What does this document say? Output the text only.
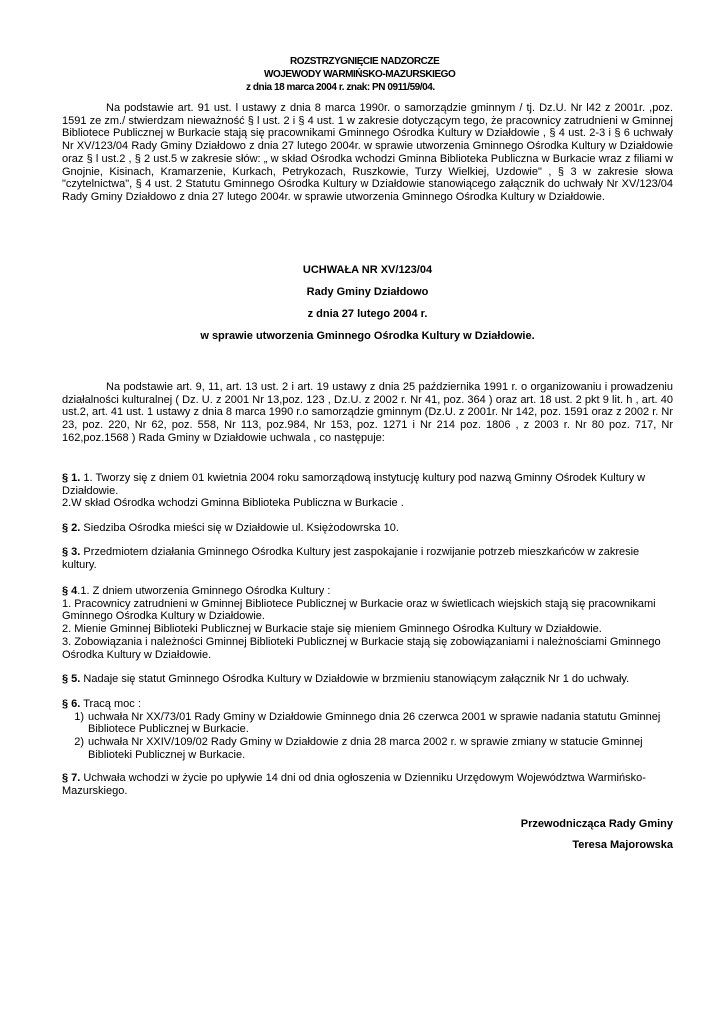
ROZSTRZYGNIĘCIE NADZORCZE
WOJEWODY WARMIŃSKO-MAZURSKIEGO
z dnia 18 marca 2004 r. znak: PN 0911/59/04.

Na podstawie art. 91 ust. l ustawy z dnia 8 marca 1990r. o samorządzie gminnym / tj. Dz.U. Nr l42 z 2001r. ,poz. 1591 ze zm./ stwierdzam nieważność § l ust. 2 i § 4 ust. 1 w zakresie dotyczącym tego, że pracownicy zatrudnieni w Gminnej Bibliotece Publicznej w Burkacie stają się pracownikami Gminnego Ośrodka Kultury w Działdowie , § 4 ust. 2-3 i § 6 uchwały Nr XV/123/04 Rady Gminy Działdowo z dnia 27 lutego 2004r. w sprawie utworzenia Gminnego Ośrodka Kultury w Działdowie oraz § l ust.2 , § 2 ust.5 w zakresie słów: „ w skład Ośrodka wchodzi Gminna Biblioteka Publiczna w Burkacie wraz z filiami w Gnojnie, Kisinach, Kramarzenie, Kurkach, Petrykozach, Ruszkowie, Turzy Wielkiej, Uzdowie" , § 3 w zakresie słowa "czytelnictwa", § 4 ust. 2 Statutu Gminnego Ośrodka Kultury w Działdowie stanowiącego załącznik do uchwały Nr XV/123/04 Rady Gminy Działdowo z dnia 27 lutego 2004r. w sprawie utworzenia Gminnego Ośrodka Kultury w Działdowie.

UCHWAŁA NR XV/123/04

Rady Gminy Działdowo

z dnia 27 lutego 2004 r.

w sprawie utworzenia Gminnego Ośrodka Kultury w Działdowie.

Na podstawie art. 9, 11, art. 13 ust. 2 i art. 19 ustawy z dnia 25 października 1991 r. o organizowaniu i prowadzeniu działalności kulturalnej ( Dz. U. z 2001 Nr 13,poz. 123 , Dz.U. z 2002 r. Nr 41, poz. 364 ) oraz art. 18 ust. 2 pkt 9 lit. h , art. 40 ust.2, art. 41 ust. 1 ustawy z dnia 8 marca 1990 r.o samorządzie gminnym (Dz.U. z 2001r. Nr 142, poz. 1591 oraz z 2002 r. Nr 23, poz. 220, Nr 62, poz. 558, Nr 113, poz.984, Nr 153, poz. 1271 i Nr 214 poz. 1806 , z 2003 r. Nr 80 poz. 717, Nr 162,poz.1568 ) Rada Gminy w Działdowie uchwala , co następuje:

§ 1. 1. Tworzy się z dniem 01 kwietnia 2004 roku samorządową instytucję kultury pod nazwą Gminny Ośrodek Kultury w Działdowie.
2.W skład Ośrodka wchodzi Gminna Biblioteka Publiczna w Burkacie .
§ 2. Siedziba Ośrodka mieści się w Działdowie ul. Księżodowrska 10.
§ 3. Przedmiotem działania Gminnego Ośrodka Kultury jest zaspokajanie i rozwijanie potrzeb mieszkańców w zakresie kultury.
§ 4.1. Z dniem utworzenia Gminnego Ośrodka Kultury :
1. Pracownicy zatrudnieni w Gminnej Bibliotece Publicznej w Burkacie oraz w świetlicach wiejskich stają się pracownikami Gminnego Ośrodka Kultury w Działdowie.
2. Mienie Gminnej Biblioteki Publicznej w Burkacie staje się mieniem Gminnego Ośrodka Kultury w Działdowie.
3. Zobowiązania i należności Gminnej Biblioteki Publicznej w Burkacie stają się zobowiązaniami i należnościami Gminnego Ośrodka Kultury w Działdowie.
§ 5. Nadaje się statut Gminnego Ośrodka Kultury w Działdowie w brzmieniu stanowiącym załącznik Nr 1 do uchwały.
§ 6. Tracą moc :
1) uchwała Nr XX/73/01 Rady Gminy w Działdowie Gminnego dnia 26 czerwca 2001 w sprawie nadania statutu Gminnej Bibliotece Publicznej w Burkacie.
2) uchwała Nr XXIV/109/02 Rady Gminy w Działdowie z dnia 28 marca 2002 r. w sprawie zmiany w statucie Gminnej Biblioteki Publicznej w Burkacie.
§ 7. Uchwała wchodzi w życie po upływie 14 dni od dnia ogłoszenia w Dzienniku Urzędowym Województwa Warmińsko-Mazurskiego.
Przewodnicząca Rady Gminy
Teresa Majorowska
